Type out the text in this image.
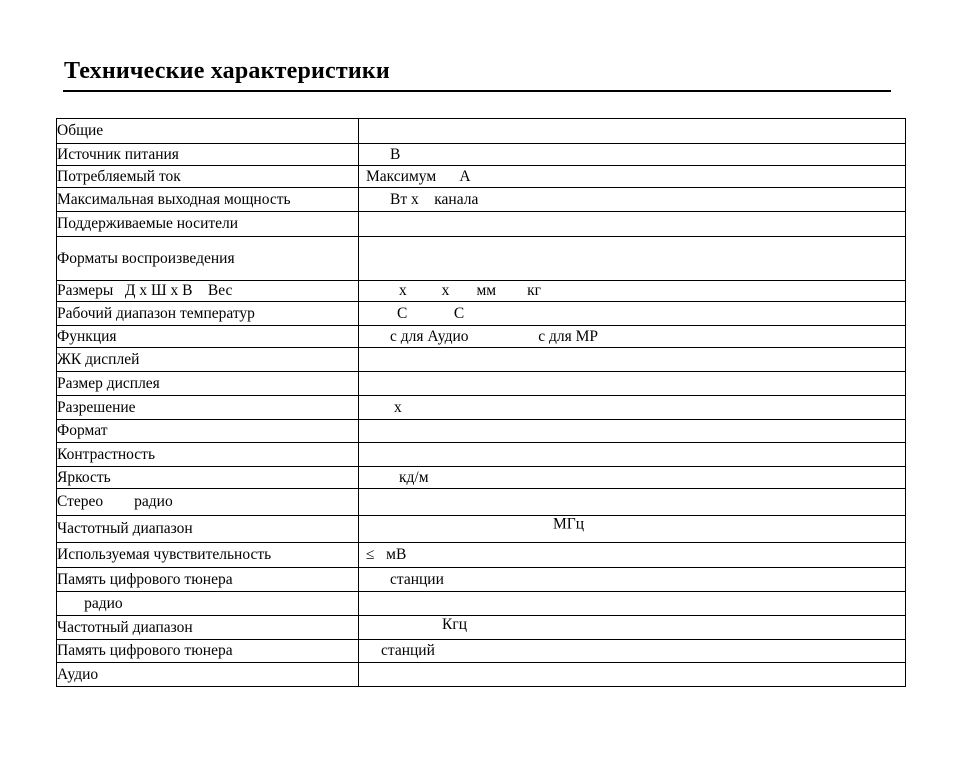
Технические характеристики
Общие	
Источник питания	В

Потребляемый ток	Максимум      А

Максимальная выходная мощность	Вт х    канала

Поддерживаемые носители	
Форматы воспроизведения	
Размеры   Д х Ш х В    Вес	х         х       мм        кг

Рабочий диапазон температур	С            С

Функция	с для Аудио                  с для МР

ЖК дисплей	
Размер дисплея	
Разрешение	х

Формат	
Контрастность	
Яркость	кд/м

Стерео        радио	
Частотный диапазон	МГц

Используемая чувствительность	≤   мВ

Память цифрового тюнера	станции

радио	
Частотный диапазон	Кгц

Память цифрового тюнера	станций

Аудио	
